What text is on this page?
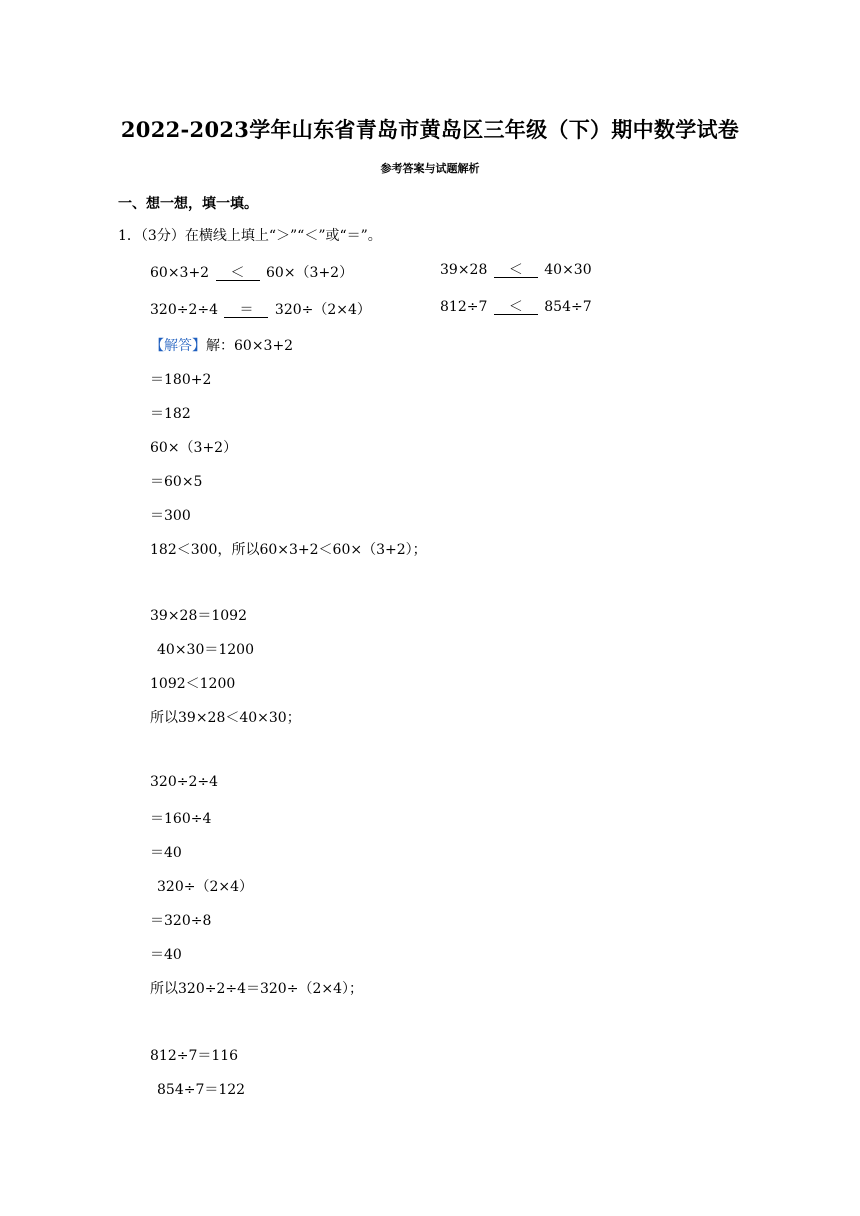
2022-2023学年山东省青岛市黄岛区三年级（下）期中数学试卷
参考答案与试题解析
一、想一想，填一填。
1．（3分）在横线上填上“＞”“＜”或“＝”。
60×3+2 ＜ 60×（3+2）	39×28 ＜ 40×30
320÷2÷4 ＝ 320÷（2×4）	812÷7 ＜ 854÷7
【解答】解：60×3+2
＝180+2
＝182
60×（3+2）
＝60×5
＝300
182＜300，所以60×3+2＜60×（3+2）；
39×28＝1092
40×30＝1200
1092＜1200
所以39×28＜40×30；
320÷2÷4
＝160÷4
＝40
320÷（2×4）
＝320÷8
＝40
所以320÷2÷4＝320÷（2×4）；
812÷7＝116
854÷7＝122
